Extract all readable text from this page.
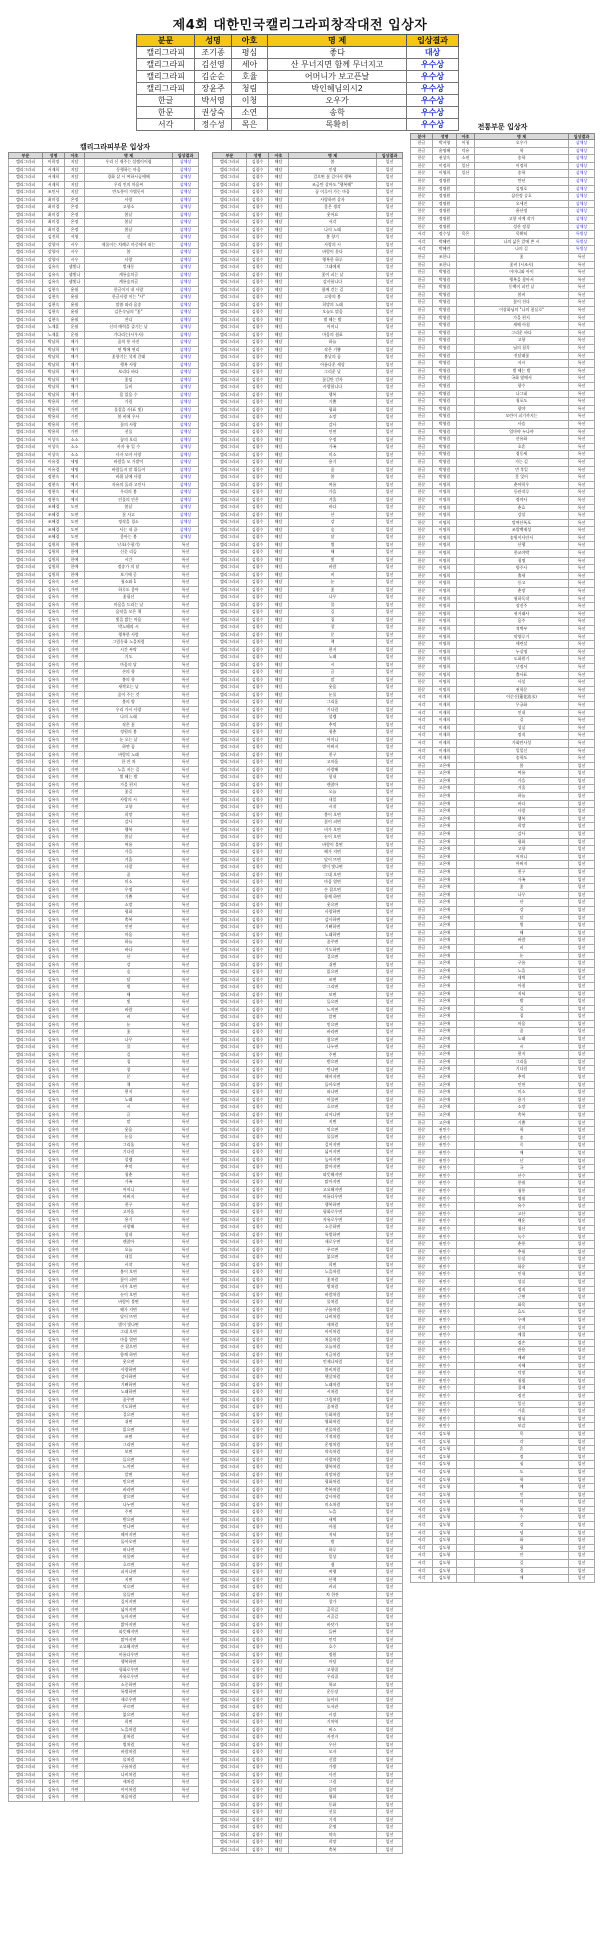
제4회 대한민국캘리그라피창작대전 입상자
분문	성명	아호	명 제	입상결과
캘리그라피	조기종	평심	좋다	대상
캘리그라피	김선영	세아	산 무너지면 함께 무너지고	우수상
캘리그라피	김순순	호율	어머니가 보고픈날	우수상
캘리그라피	장윤주	청림	박인혜님의시2	우수상
한글	박서영	이청	오우가	우수상
한문	권상숙	소연	송학	우수상
서각	정수성	목은	목확히	우수상
캘리그라피부문 입상자
전통부문 입상자
부문	성명	아호	명 제	입상결과
캘리그라피	이희정	지담	우리 신 재주는 설렘이어렴	삼체상
캘리그라피	서재희	지담	동행하는 마음	삼체상
캘리그라피	서재희	지담	경화 살 시 여하시공애해	삼체상
캘리그라피	서재희	지담	우리 인의 마음씨	삼체상
캘리그라피	조민서	지담	만도풍이 가볍듯이	삼체상
캘리그라피	최미경	온정	사랑	삼체상
캘리그라피	최미경	온정	고향소	삼체상
캘리그라피	최미경	온정	봄날	삼체상
캘리그라피	최미경	온정	봄날	삼체상
캘리그라피	최미경	온정	봄날	삼체상
캘리그라피	김진희	서영	신	삼체상
캘리그라피	강향자	시우	제물이는 차례로 마중에서 떠는	삼체상
캘리그라피	강향자	시우	봄	삼체상
캘리그라피	강향자	시우	사랑	삼체상
캘리그라피	김유숙	샘빛나	벌새동	삼체상
캘리그라피	김유숙	샘빛나	계룡숲의글	삼체상
캘리그라피	김유숙	샘빛나	계룡숲의글	삼체상
캘리그라피	김현숙	윤월	한글이지 내 사랑	삼체상
캘리그라피	김현숙	윤월	한글사랑 이는 "사"	삼체상
캘리그라피	김현숙	윤월	말씀 따라 음송	삼체상
캘리그라피	김현숙	윤월	김은숙님의 "꽃"	삼체상
캘리그라피	김현숙	윤월	잔디	삼체상
캘리그라피	노재훈	운월	신의 매력을 즐기는 날	삼체상
캘리그라피	노재훈	운월	기다리는(시우사)	삼체상
캘리그라피	박남희	매가	꿈의 풍 사진	삼체상
캘리그라피	박남희	매가	연 벽에 연리	삼체상
캘리그라피	박남희	매가	꽃향기는 석게 갈래	삼체상
캘리그라피	박남희	매가	행복 사랑	삼체상
캘리그라피	박남희	매가	보리다 바다	삼체상
캘리그라피	박남희	매가	꽃임	삼체상
캘리그라피	박남희	매가	들비	삼체상
캘리그라피	박남희	매가	몸 있음 수	삼체상
캘리그라피	박용희	가빈	가림	삼체상
캘리그라피	박용희	가빈	물결을 사(표 빛)	삼체상
캘리그라피	박용희	가빈	봄 비에 우사	삼체상
캘리그라피	박용희	가빈	꽃의 사랑	삼체상
캘리그라피	박용희	가빈	선물	삼체상
캘리그라피	이상숙	소소	꿈의 오리	삼체상
캘리그라피	이상숙	소소	사자 유 일 수	삼체상
캘리그라피	이상숙	소소	사자 모아 사랑	삼체상
캘리그라피	이유경	세명	바람을 모 가밭이	삼체상
캘리그라피	이유경	세명	바람들지 말 위들이	삼체상
캘리그라피	정현숙	예지	바위 날에 사랑	삼체상
캘리그라피	정현숙	예지	자유의 돌과 고인사	삼체상
캘리그라피	정현숙	예지	우리의 봄	삼체상
캘리그라피	정현숙	예지	인물의 안은	삼체상
캘리그라피	조혜경	도연	봄날	삼체상
캘리그라피	조혜경	도연	꽃 사고	삼체상
캘리그라피	조혜경	도연	정작을 경소	삼체상
캘리그라피	조혜경	도연	사는 내 끝	삼체상
캘리그라피	조혜경	도연	좋아는 봄	삼체상
캘리그라피	김원희	한예	난초(수평기)	특선
캘리그라피	김원희	한예	신문 리듬	특선
캘리그라피	김원희	한예	시간	특선
캘리그라피	김원희	한예	정송가 의 달	특선
캘리그라피	김원희	한예	보기에 곧	특선
캘리그라피	김유숙	소연	청소와 1	특선
캘리그라피	김유숙	가연	하루도 좋아	특선
캘리그라피	김유숙	가연	꽃필선	특선
캘리그라피	김유숙	가연	마음을 드리는 날	특선
캘리그라피	김유숙	가연	음악을 모은 책	특선
캘리그라피	김유숙	가연	빛을 밝는 마음	특선
캘리그라피	김유숙	가연	박노해의 시	특선
캘리그라피	김유숙	가연	행복한 사람	특선
캘리그라피	김유숙	가연	그림동화 노을처럼	특선
캘리그라피	김유숙	가연	시간 부탁	특선
캘리그라피	김유숙	가연	기도	특선
캘리그라피	김유숙	가연	마음의 달	특선
캘리그라피	김유숙	가연	손의 향	특선
캘리그라피	김유숙	가연	봄의 향	특선
캘리그라피	김유숙	가연	새싹오는 날	특선
캘리그라피	김유숙	가연	꿈이 주는 것	특선
캘리그라피	김유숙	가연	봄의 양	특선
캘리그라피	김유숙	가연	우리 가시 사랑	특선
캘리그라피	김유숙	가연	나의 노래	특선
캘리그라피	김유숙	가연	작은 꽃	특선
캘리그라피	김유숙	가연	정원의 봄	특선
캘리그라피	김유숙	가연	눈 오는 날	특선
캘리그라피	김유숙	가연	하얀 꿈	특선
캘리그라피	김유숙	가연	바람의 노래	특선
캘리그라피	김유숙	가연	한 잔 차	특선
캘리그라피	김유숙	가연	노을 지는 길	특선
캘리그라피	김유숙	가연	별 헤는 밤	특선
캘리그라피	김유숙	가연	가을 편지	특선
캘리그라피	김유숙	가연	꽃길	특선
캘리그라피	김유숙	가연	사랑의 시	특선
캘리그라피	김유숙	가연	고향	특선
캘리그라피	김유숙	가연	희망	특선
캘리그라피	김유숙	가연	감사	특선
캘리그라피	김유숙	가연	행복	특선
캘리그라피	김유숙	가연	봄날	특선
캘리그라피	김유숙	가연	여름	특선
캘리그라피	김유숙	가연	가을	특선
캘리그라피	김유숙	가연	겨울	특선
캘리그라피	김유숙	가연	사랑	특선
캘리그라피	김유숙	가연	꿈	특선
캘리그라피	김유숙	가연	미소	특선
캘리그라피	김유숙	가연	우정	특선
캘리그라피	김유숙	가연	기쁨	특선
캘리그라피	김유숙	가연	소망	특선
캘리그라피	김유숙	가연	평화	특선
캘리그라피	김유숙	가연	축복	특선
캘리그라피	김유숙	가연	인연	특선
캘리그라피	김유숙	가연	마음	특선
캘리그라피	김유숙	가연	하늘	특선
캘리그라피	김유숙	가연	바다	특선
캘리그라피	김유숙	가연	산	특선
캘리그라피	김유숙	가연	강	특선
캘리그라피	김유숙	가연	숲	특선
캘리그라피	김유숙	가연	달	특선
캘리그라피	김유숙	가연	별	특선
캘리그라피	김유숙	가연	해	특선
캘리그라피	김유숙	가연	빛	특선
캘리그라피	김유숙	가연	바람	특선
캘리그라피	김유숙	가연	비	특선
캘리그라피	김유숙	가연	눈	특선
캘리그라피	김유숙	가연	꽃	특선
캘리그라피	김유숙	가연	나무	특선
캘리그라피	김유숙	가연	풀	특선
캘리그라피	김유숙	가연	길	특선
캘리그라피	김유숙	가연	집	특선
캘리그라피	김유숙	가연	창	특선
캘리그라피	김유숙	가연	문	특선
캘리그라피	김유숙	가연	책	특선
캘리그라피	김유숙	가연	편지	특선
캘리그라피	김유숙	가연	노래	특선
캘리그라피	김유숙	가연	시	특선
캘리그라피	김유숙	가연	글	특선
캘리그라피	김유숙	가연	말	특선
캘리그라피	김유숙	가연	웃음	특선
캘리그라피	김유숙	가연	눈물	특선
캘리그라피	김유숙	가연	그리움	특선
캘리그라피	김유숙	가연	기다림	특선
캘리그라피	김유숙	가연	설렘	특선
캘리그라피	김유숙	가연	추억	특선
캘리그라피	김유숙	가연	청춘	특선
캘리그라피	김유숙	가연	가족	특선
캘리그라피	김유숙	가연	어머니	특선
캘리그라피	김유숙	가연	아버지	특선
캘리그라피	김유숙	가연	친구	특선
캘리그라피	김유숙	가연	고마움	특선
캘리그라피	김유숙	가연	용기	특선
캘리그라피	김유숙	가연	사랑해	특선
캘리그라피	김유숙	가연	힘내	특선
캘리그라피	김유숙	가연	괜찮아	특선
캘리그라피	김유숙	가연	오늘	특선
캘리그라피	김유숙	가연	내일	특선
캘리그라피	김유숙	가연	시작	특선
캘리그라피	김유숙	가연	봄이 오면	특선
캘리그라피	김유숙	가연	꽃이 피면	특선
캘리그라피	김유숙	가연	비가 오면	특선
캘리그라피	김유숙	가연	눈이 오면	특선
캘리그라피	김유숙	가연	바람이 불면	특선
캘리그라피	김유숙	가연	해가 지면	특선
캘리그라피	김유숙	가연	달이 뜨면	특선
캘리그라피	김유숙	가연	별이 빛나면	특선
캘리그라피	김유숙	가연	그대 오면	특선
캘리그라피	김유숙	가연	마음 열면	특선
캘리그라피	김유숙	가연	손 잡으면	특선
캘리그라피	김유숙	가연	함께 하면	특선
캘리그라피	김유숙	가연	웃으면	특선
캘리그라피	김유숙	가연	사랑하면	특선
캘리그라피	김유숙	가연	감사하면	특선
캘리그라피	김유숙	가연	기뻐하면	특선
캘리그라피	김유숙	가연	노래하면	특선
캘리그라피	김유숙	가연	꿈꾸면	특선
캘리그라피	김유숙	가연	기도하면	특선
캘리그라피	김유숙	가연	걸으면	특선
캘리그라피	김유숙	가연	쉬면	특선
캘리그라피	김유숙	가연	읽으면	특선
캘리그라피	김유숙	가연	쓰면	특선
캘리그라피	김유숙	가연	그리면	특선
캘리그라피	김유숙	가연	보면	특선
캘리그라피	김유숙	가연	들으면	특선
캘리그라피	김유숙	가연	느끼면	특선
캘리그라피	김유숙	가연	알면	특선
캘리그라피	김유숙	가연	믿으면	특선
캘리그라피	김유숙	가연	바라면	특선
캘리그라피	김유숙	가연	참으면	특선
캘리그라피	김유숙	가연	나누면	특선
캘리그라피	김유숙	가연	주면	특선
캘리그라피	김유숙	가연	받으면	특선
캘리그라피	김유숙	가연	만나면	특선
캘리그라피	김유숙	가연	헤어지면	특선
캘리그라피	김유숙	가연	돌아오면	특선
캘리그라피	김유숙	가연	떠나면	특선
캘리그라피	김유숙	가연	머물면	특선
캘리그라피	김유숙	가연	흐르면	특선
캘리그라피	김유숙	가연	피어나면	특선
캘리그라피	김유숙	가연	지면	특선
캘리그라피	김유숙	가연	익으면	특선
캘리그라피	김유숙	가연	물들면	특선
캘리그라피	김유숙	가연	깊어지면	특선
캘리그라피	김유숙	가연	넓어지면	특선
캘리그라피	김유숙	가연	높아지면	특선
캘리그라피	김유숙	가연	밝아지면	특선
캘리그라피	김유숙	가연	따뜻해지면	특선
캘리그라피	김유숙	가연	맑아지면	특선
캘리그라피	김유숙	가연	고요해지면	특선
캘리그라피	김유숙	가연	아름다우면	특선
캘리그라피	김유숙	가연	행복하면	특선
캘리그라피	김유숙	가연	평화로우면	특선
캘리그라피	김유숙	가연	자유로우면	특선
캘리그라피	김유숙	가연	소중하면	특선
캘리그라피	김유숙	가연	특별하면	특선
캘리그라피	김유숙	가연	새로우면	특선
캘리그라피	김유숙	가연	푸르면	특선
캘리그라피	김유숙	가연	붉으면	특선
캘리그라피	김유숙	가연	희면	특선
캘리그라피	김유숙	가연	노을처럼	특선
캘리그라피	김유숙	가연	꽃처럼	특선
캘리그라피	김유숙	가연	별처럼	특선
캘리그라피	김유숙	가연	바람처럼	특선
캘리그라피	김유숙	가연	물처럼	특선
캘리그라피	김유숙	가연	구름처럼	특선
캘리그라피	김유숙	가연	나비처럼	특선
캘리그라피	김유숙	가연	새처럼	특선
캘리그라피	김유숙	가연	아이처럼	특선
캘리그라피	김유숙	가연	처음처럼	특선
부문	성명	아호	명 제	입상결과
캘리그라피	김철수	해담	봄	입선
캘리그라피	김철수	해담	인생	입선
캘리그라피	김철수	해담	걸으면 꽃 길어서 행복	입선
캘리그라피	김철수	해담	조금만 살아도 "행복해"	입선
캘리그라피	김철수	해담	꿈 이루어 가는 마음	입선
캘리그라피	김철수	해담	사랑하며 살자	입선
캘리그라피	김철수	해담	좋은 생각	입선
캘리그라피	김철수	해담	웃어요	입선
캘리그라피	김철수	해담	서각	입선
캘리그라피	김철수	해담	나의 노래	입선
캘리그라피	김철수	해담	봄 향기	입선
캘리그라피	김철수	해담	사랑의 시	입선
캘리그라피	김철수	해담	바람이 분다	입선
캘리그라피	김철수	해담	행복한 하루	입선
캘리그라피	김철수	해담	그대에게	입선
캘리그라피	김철수	해담	꽃이 피는 날	입선
캘리그라피	김철수	해담	감사합니다	입선
캘리그라피	김철수	해담	함께 걷는 길	입선
캘리그라피	김철수	해담	고향의 봄	입선
캘리그라피	김철수	해담	희망의 노래	입선
캘리그라피	김철수	해담	오늘도 맑음	입선
캘리그라피	김철수	해담	별 헤는 밤	입선
캘리그라피	김철수	해담	어머니	입선
캘리그라피	김철수	해담	마음의 쉼표	입선
캘리그라피	김철수	해담	하늘	입선
캘리그라피	김철수	해담	작은 기쁨	입선
캘리그라피	김철수	해담	봄날의 꿈	입선
캘리그라피	김철수	해담	아름다운 세상	입선
캘리그라피	김철수	해담	그리운 날	입선
캘리그라피	김철수	해담	꽃길만 걷자	입선
캘리그라피	김철수	해담	사랑합니다	입선
캘리그라피	김철수	해담	행복	입선
캘리그라피	김철수	해담	기쁨	입선
캘리그라피	김철수	해담	평화	입선
캘리그라피	김철수	해담	소망	입선
캘리그라피	김철수	해담	감사	입선
캘리그라피	김철수	해담	인연	입선
캘리그라피	김철수	해담	우정	입선
캘리그라피	김철수	해담	가족	입선
캘리그라피	김철수	해담	미소	입선
캘리그라피	김철수	해담	용기	입선
캘리그라피	김철수	해담	꿈	입선
캘리그라피	김철수	해담	봄	입선
캘리그라피	김철수	해담	여름	입선
캘리그라피	김철수	해담	가을	입선
캘리그라피	김철수	해담	겨울	입선
캘리그라피	김철수	해담	바다	입선
캘리그라피	김철수	해담	산	입선
캘리그라피	김철수	해담	강	입선
캘리그라피	김철수	해담	숲	입선
캘리그라피	김철수	해담	달	입선
캘리그라피	김철수	해담	별	입선
캘리그라피	김철수	해담	해	입선
캘리그라피	김철수	해담	빛	입선
캘리그라피	김철수	해담	바람	입선
캘리그라피	김철수	해담	비	입선
캘리그라피	김철수	해담	눈	입선
캘리그라피	김철수	해담	꽃	입선
캘리그라피	김철수	해담	나무	입선
캘리그라피	김철수	해담	풀	입선
캘리그라피	김철수	해담	길	입선
캘리그라피	김철수	해담	집	입선
캘리그라피	김철수	해담	창	입선
캘리그라피	김철수	해담	문	입선
캘리그라피	김철수	해담	책	입선
캘리그라피	김철수	해담	편지	입선
캘리그라피	김철수	해담	노래	입선
캘리그라피	김철수	해담	시	입선
캘리그라피	김철수	해담	글	입선
캘리그라피	김철수	해담	말	입선
캘리그라피	김철수	해담	웃음	입선
캘리그라피	김철수	해담	눈물	입선
캘리그라피	김철수	해담	그리움	입선
캘리그라피	김철수	해담	기다림	입선
캘리그라피	김철수	해담	설렘	입선
캘리그라피	김철수	해담	추억	입선
캘리그라피	김철수	해담	청춘	입선
캘리그라피	김철수	해담	어머니	입선
캘리그라피	김철수	해담	아버지	입선
캘리그라피	김철수	해담	친구	입선
캘리그라피	김철수	해담	고마움	입선
캘리그라피	김철수	해담	사랑해	입선
캘리그라피	김철수	해담	힘내	입선
캘리그라피	김철수	해담	괜찮아	입선
캘리그라피	김철수	해담	오늘	입선
캘리그라피	김철수	해담	내일	입선
캘리그라피	김철수	해담	시작	입선
캘리그라피	김철수	해담	봄이 오면	입선
캘리그라피	김철수	해담	꽃이 피면	입선
캘리그라피	김철수	해담	비가 오면	입선
캘리그라피	김철수	해담	눈이 오면	입선
캘리그라피	김철수	해담	바람이 불면	입선
캘리그라피	김철수	해담	해가 지면	입선
캘리그라피	김철수	해담	달이 뜨면	입선
캘리그라피	김철수	해담	별이 빛나면	입선
캘리그라피	김철수	해담	그대 오면	입선
캘리그라피	김철수	해담	마음 열면	입선
캘리그라피	김철수	해담	손 잡으면	입선
캘리그라피	김철수	해담	함께 하면	입선
캘리그라피	김철수	해담	웃으면	입선
캘리그라피	김철수	해담	사랑하면	입선
캘리그라피	김철수	해담	감사하면	입선
캘리그라피	김철수	해담	기뻐하면	입선
캘리그라피	김철수	해담	노래하면	입선
캘리그라피	김철수	해담	꿈꾸면	입선
캘리그라피	김철수	해담	기도하면	입선
캘리그라피	김철수	해담	걸으면	입선
캘리그라피	김철수	해담	쉬면	입선
캘리그라피	김철수	해담	읽으면	입선
캘리그라피	김철수	해담	쓰면	입선
캘리그라피	김철수	해담	그리면	입선
캘리그라피	김철수	해담	보면	입선
캘리그라피	김철수	해담	들으면	입선
캘리그라피	김철수	해담	느끼면	입선
캘리그라피	김철수	해담	알면	입선
캘리그라피	김철수	해담	믿으면	입선
캘리그라피	김철수	해담	바라면	입선
캘리그라피	김철수	해담	참으면	입선
캘리그라피	김철수	해담	나누면	입선
캘리그라피	김철수	해담	주면	입선
캘리그라피	김철수	해담	받으면	입선
캘리그라피	김철수	해담	만나면	입선
캘리그라피	김철수	해담	헤어지면	입선
캘리그라피	김철수	해담	돌아오면	입선
캘리그라피	김철수	해담	떠나면	입선
캘리그라피	김철수	해담	머물면	입선
캘리그라피	김철수	해담	흐르면	입선
캘리그라피	김철수	해담	피어나면	입선
캘리그라피	김철수	해담	지면	입선
캘리그라피	김철수	해담	익으면	입선
캘리그라피	김철수	해담	물들면	입선
캘리그라피	김철수	해담	깊어지면	입선
캘리그라피	김철수	해담	넓어지면	입선
캘리그라피	김철수	해담	높아지면	입선
캘리그라피	김철수	해담	밝아지면	입선
캘리그라피	김철수	해담	따뜻해지면	입선
캘리그라피	김철수	해담	맑아지면	입선
캘리그라피	김철수	해담	고요해지면	입선
캘리그라피	김철수	해담	아름다우면	입선
캘리그라피	김철수	해담	행복하면	입선
캘리그라피	김철수	해담	평화로우면	입선
캘리그라피	김철수	해담	자유로우면	입선
캘리그라피	김철수	해담	소중하면	입선
캘리그라피	김철수	해담	특별하면	입선
캘리그라피	김철수	해담	새로우면	입선
캘리그라피	김철수	해담	푸르면	입선
캘리그라피	김철수	해담	붉으면	입선
캘리그라피	김철수	해담	희면	입선
캘리그라피	김철수	해담	노을처럼	입선
캘리그라피	김철수	해담	꽃처럼	입선
캘리그라피	김철수	해담	별처럼	입선
캘리그라피	김철수	해담	바람처럼	입선
캘리그라피	김철수	해담	물처럼	입선
캘리그라피	김철수	해담	구름처럼	입선
캘리그라피	김철수	해담	나비처럼	입선
캘리그라피	김철수	해담	새처럼	입선
캘리그라피	김철수	해담	아이처럼	입선
캘리그라피	김철수	해담	처음처럼	입선
캘리그라피	김철수	해담	오늘처럼	입선
캘리그라피	김철수	해담	지금처럼	입선
캘리그라피	김철수	해담	언제나처럼	입선
캘리그라피	김철수	해담	봄비처럼	입선
캘리그라피	김철수	해담	햇살처럼	입선
캘리그라피	김철수	해담	노래처럼	입선
캘리그라피	김철수	해담	시처럼	입선
캘리그라피	김철수	해담	그림처럼	입선
캘리그라피	김철수	해담	꿈처럼	입선
캘리그라피	김철수	해담	동화처럼	입선
캘리그라피	김철수	해담	영화처럼	입선
캘리그라피	김철수	해담	선물처럼	입선
캘리그라피	김철수	해담	기적처럼	입선
캘리그라피	김철수	해담	운명처럼	입선
캘리그라피	김철수	해담	약속처럼	입선
캘리그라피	김철수	해담	사랑처럼	입선
캘리그라피	김철수	해담	행복처럼	입선
캘리그라피	김철수	해담	희망처럼	입선
캘리그라피	김철수	해담	평화처럼	입선
캘리그라피	김철수	해담	축복처럼	입선
캘리그라피	김철수	해담	감사처럼	입선
캘리그라피	김철수	해담	미소처럼	입선
캘리그라피	김철수	해담	노을	입선
캘리그라피	김철수	해담	새벽	입선
캘리그라피	김철수	해담	아침	입선
캘리그라피	김철수	해담	저녁	입선
캘리그라피	김철수	해담	밤	입선
캘리그라피	김철수	해담	하루	입선
캘리그라피	김철수	해담	일상	입선
캘리그라피	김철수	해담	쉼	입선
캘리그라피	김철수	해담	여행	입선
캘리그라피	김철수	해담	산책	입선
캘리그라피	김철수	해담	커피	입선
캘리그라피	김철수	해담	차 한잔	입선
캘리그라피	김철수	해담	창가	입선
캘리그라피	김철수	해담	골목길	입선
캘리그라피	김철수	해담	시골길	입선
캘리그라피	김철수	해담	바닷가	입선
캘리그라피	김철수	해담	들판	입선
캘리그라피	김철수	해담	언덕	입선
캘리그라피	김철수	해담	호수	입선
캘리그라피	김철수	해담	정원	입선
캘리그라피	김철수	해담	마당	입선
캘리그라피	김철수	해담	고향집	입선
캘리그라피	김철수	해담	우리집	입선
캘리그라피	김철수	해담	학교	입선
캘리그라피	김철수	해담	운동장	입선
캘리그라피	김철수	해담	놀이터	입선
캘리그라피	김철수	해담	도서관	입선
캘리그라피	김철수	해담	시장	입선
캘리그라피	김철수	해담	기차역	입선
캘리그라피	김철수	해담	버스	입선
캘리그라피	김철수	해담	자전거	입선
캘리그라피	김철수	해담	우산	입선
캘리그라피	김철수	해담	모자	입선
캘리그라피	김철수	해담	신발	입선
캘리그라피	김철수	해담	가방	입선
캘리그라피	김철수	해담	사진	입선
캘리그라피	김철수	해담	그림	입선
캘리그라피	김철수	해담	음악	입선
캘리그라피	김철수	해담	영화	입선
캘리그라피	김철수	해담	동화	입선
캘리그라피	김철수	해담	선물	입선
캘리그라피	김철수	해담	기적	입선
캘리그라피	김철수	해담	운명	입선
캘리그라피	김철수	해담	약속	입선
캘리그라피	김철수	해담	희망	입선
캘리그라피	김철수	해담	축복	입선
분야	성명	아호	명 제	입상결과
한글	박서영	이청	오우가	삼체상
한글	윤명혜	덕유	학	삼체상
한문	권상숙	소연	송학	삼체상
한문	이정희	일산	이정희	삼체상
한문	이영희	일산	송학	삼체상
한문	정명원		만년	삼체상
한문	정명원		김명호	삼체상
한문	정명원		삼산정 승호	삼체상
한문	정명원		오세진	삼체상
한문	정명원		윤산정	삼체상
한문	정명원		고향 서예 작가	삼체상
한문	정명원		성산 정경	삼체상
서각	정수성	목은	목확히	특별상
서각	박혜련		나의 삶은 칼에 쓴 시	특별상
서각	박혜련		나의 길	특별상
한글	조한나		꽃	특선
한글	조한나		꽃비 (시조시)	특선
한글	박영림		어머니와 아이	특선
한글	박영림		행복을 찾아서	특선
한글	박영림		동백이 피던 날	특선
한글	박영림		봄비	특선
한글	박영림		꽃이 진다	특선
한글	박영림		이상화님의 "나의 침실로"	특선
한글	박영림		가을 편지	특선
한글	박영림		새해 아침	특선
한글	박영림		그리운 바다	특선
한글	박영림		고향	특선
한글	박영림		님의 침묵	특선
한글	박영림		진달래꽃	특선
한글	박영림		서시	특선
한글	박영림		별 헤는 밤	특선
한글	박영림		국화 옆에서	특선
한글	박영림		향수	특선
한글	박영림		나그네	특선
한글	박영림		청포도	특선
한글	박영림		광야	특선
한글	박영림		모란이 피기까지는	특선
한글	박영림		사슴	특선
한글	박영림		엄마야 누나야	특선
한글	박영림		산유화	특선
한글	박영림		초혼	특선
한글	박영림		접동새	특선
한글	박영림		가는 길	특선
한글	박영림		먼 후일	특선
한글	박영림		못 잊어	특선
한문	이명희		춘야희우	특선
한문	이명희		등관작루	특선
한문	이명희		정야사	특선
한문	이명희		춘효	특선
한문	이명희		강설	특선
한문	이명희		망여산폭포	특선
한문	이명희		조발백제성	특선
한문	이명희		송원이사안서	특선
한문	이명희		산행	특선
한문	이명희		풍교야박	특선
한문	이명희		청명	특선
한문	이명희		양주사	특선
한문	이명희		출새	특선
한문	이명희		등고	특선
한문	이명희		춘망	특선
한문	이명희		월하독작	특선
한문	이명희		장진주	특선
한문	이명희		귀거래사	특선
한문	이명희		음주	특선
한문	이명희		적벽부	특선
한문	이명희		악양루기	특선
한문	이명희		애련설	특선
한문	이명희		누실명	특선
한문	이명희		도화원기	특선
한문	이명희		난정서	특선
한문	이명희		출사표	특선
한문	이명희		사설	특선
한문	이명희		권학문	특선
서각	이재희		이순신(蓮花流水)	특선
서각	이재희		무궁화	특선
서각	이재희		인내	특선
서각	이재희		길	특선
서각	이재희		성실	특선
서각	이재희		정직	특선
서각	이재희		가화만사성	특선
서각	이재희		일일신	특선
서각	이재희		송학도	특선
한글	고은애		봄	입선
한글	고은애		여름	입선
한글	고은애		가을	입선
한글	고은애		겨울	입선
한글	고은애		하늘	입선
한글	고은애		바다	입선
한글	고은애		사랑	입선
한글	고은애		행복	입선
한글	고은애		희망	입선
한글	고은애		감사	입선
한글	고은애		평화	입선
한글	고은애		고향	입선
한글	고은애		어머니	입선
한글	고은애		아버지	입선
한글	고은애		친구	입선
한글	고은애		가족	입선
한글	고은애		꽃	입선
한글	고은애		나무	입선
한글	고은애		산	입선
한글	고은애		강	입선
한글	고은애		달	입선
한글	고은애		별	입선
한글	고은애		해	입선
한글	고은애		바람	입선
한글	고은애		비	입선
한글	고은애		눈	입선
한글	고은애		구름	입선
한글	고은애		노을	입선
한글	고은애		새벽	입선
한글	고은애		아침	입선
한글	고은애		저녁	입선
한글	고은애		밤	입선
한글	고은애		길	입선
한글	고은애		집	입선
한글	고은애		마음	입선
한글	고은애		꿈	입선
한글	고은애		노래	입선
한글	고은애		시	입선
한글	고은애		편지	입선
한글	고은애		그리움	입선
한글	고은애		기다림	입선
한글	고은애		추억	입선
한글	고은애		인연	입선
한글	고은애		미소	입선
한글	고은애		용기	입선
한글	고은애		소망	입선
한글	고은애		축복	입선
한글	고은애		기쁨	입선
한문	권민수		학	입선
한문	권민수		송	입선
한문	권민수		죽	입선
한문	권민수		매	입선
한문	권민수		난	입선
한문	권민수		국	입선
한문	권민수		산수	입선
한문	권민수		풍월	입선
한문	권민수		청풍	입선
한문	권민수		명월	입선
한문	권민수		유수	입선
한문	권민수		고산	입선
한문	권민수		백운	입선
한문	권민수		청산	입선
한문	권민수		녹수	입선
한문	권민수		춘풍	입선
한문	권민수		추월	입선
한문	권민수		동설	입선
한문	권민수		하운	입선
한문	권민수		인내	입선
한문	권민수		성실	입선
한문	권민수		정직	입선
한문	권민수		근면	입선
한문	권민수		화목	입선
한문	권민수		효도	입선
한문	권민수		우애	입선
한문	권민수		신의	입선
한문	권민수		예절	입선
한문	권민수		겸손	입선
한문	권민수		관용	입선
한문	권민수		배려	입선
한문	권민수		지혜	입선
한문	권민수		덕망	입선
한문	권민수		청렴	입선
한문	권민수		절제	입선
한문	권민수		정진	입선
한문	권민수		일신	입선
한문	권민수		가훈	입선
한문	권민수		명심	입선
한문	권민수		보감	입선
서각	김도형		목	입선
서각	김도형		각	입선
서각	김도형		혼	입선
서각	김도형		정	입선
서각	김도형		심	입선
서각	김도형		도	입선
서각	김도형		학	입선
서각	김도형		예	입선
서각	김도형		인	입선
서각	김도형		덕	입선
서각	김도형		복	입선
서각	김도형		수	입선
서각	김도형		강	입선
서각	김도형		녕	입선
서각	김도형		화	입선
서각	김도형		평	입선
서각	김도형		안	입선
서각	김도형		길	입선
서각	김도형		경	입선
서각	김도형		애	입선
